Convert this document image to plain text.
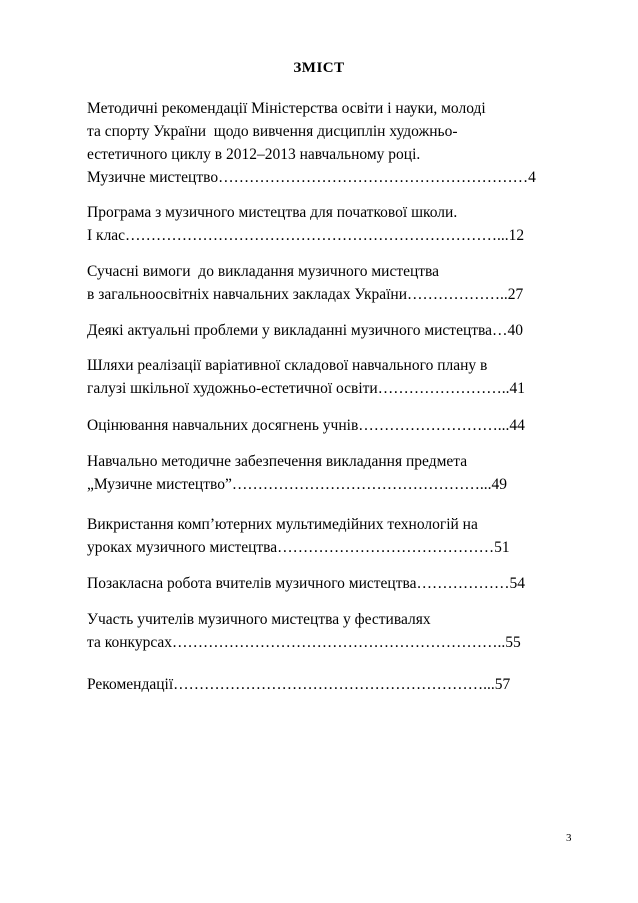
ЗМІСТ
Методичні рекомендації Міністерства освіти і науки, молоді
та спорту України  щодо вивчення дисциплін художньо-
естетичного циклу в 2012–2013 навчальному році.
Музичне мистецтво……………………………………………………4
Програма з музичного мистецтва для початкової школи.
І клас………………………………………………………………...12
Сучасні вимоги  до викладання музичного мистецтва
в загальноосвітніх навчальних закладах України………………..27
Деякі актуальні проблеми у викладанні музичного мистецтва…40
Шляхи реалізації варіативної складової навчального плану в
галузі шкільної художньо-естетичної освіти……………………..41
Оцінювання навчальних досягнень учнів………………………...44
Навчально методичне забезпечення викладання предмета
„Музичне мистецтво”…………………………………………...49
Викристання комп’ютерних мультимедійних технологій на
уроках музичного мистецтва……………………………………51
Позакласна робота вчителів музичного мистецтва………………54
Участь учителів музичного мистецтва у фестивалях
та конкурсах………………………………………………………..55
Рекомендації……………………………………………………...57
3
